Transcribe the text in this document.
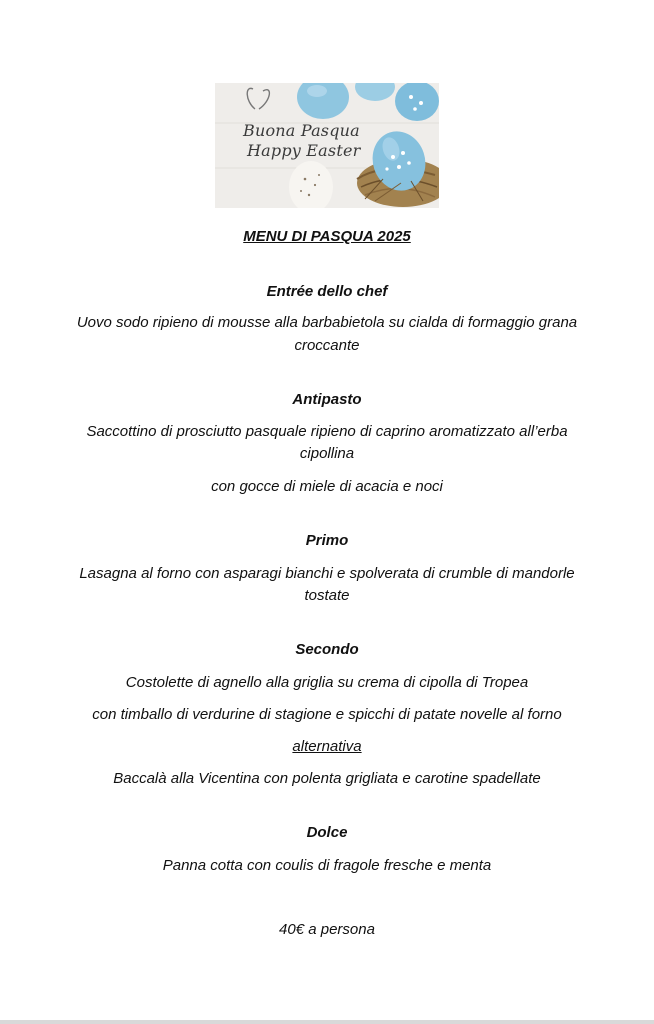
Buona Pasqua
Happy Easter
MENU DI PASQUA 2025
Entrée dello chef
Uovo sodo ripieno di mousse alla barbabietola su cialda di formaggio grana
croccante
Antipasto
Saccottino di prosciutto pasquale ripieno di caprino aromatizzato all’erba
cipollina
con gocce di miele di acacia e noci
Primo
Lasagna al forno con asparagi bianchi e spolverata di crumble di mandorle
tostate
Secondo
Costolette di agnello alla griglia su crema di cipolla di Tropea
con timballo di verdurine di stagione e spicchi di patate novelle al forno
alternativa
Baccalà alla Vicentina con polenta grigliata e carotine spadellate
Dolce
Panna cotta con coulis di fragole fresche e menta
40€ a persona
